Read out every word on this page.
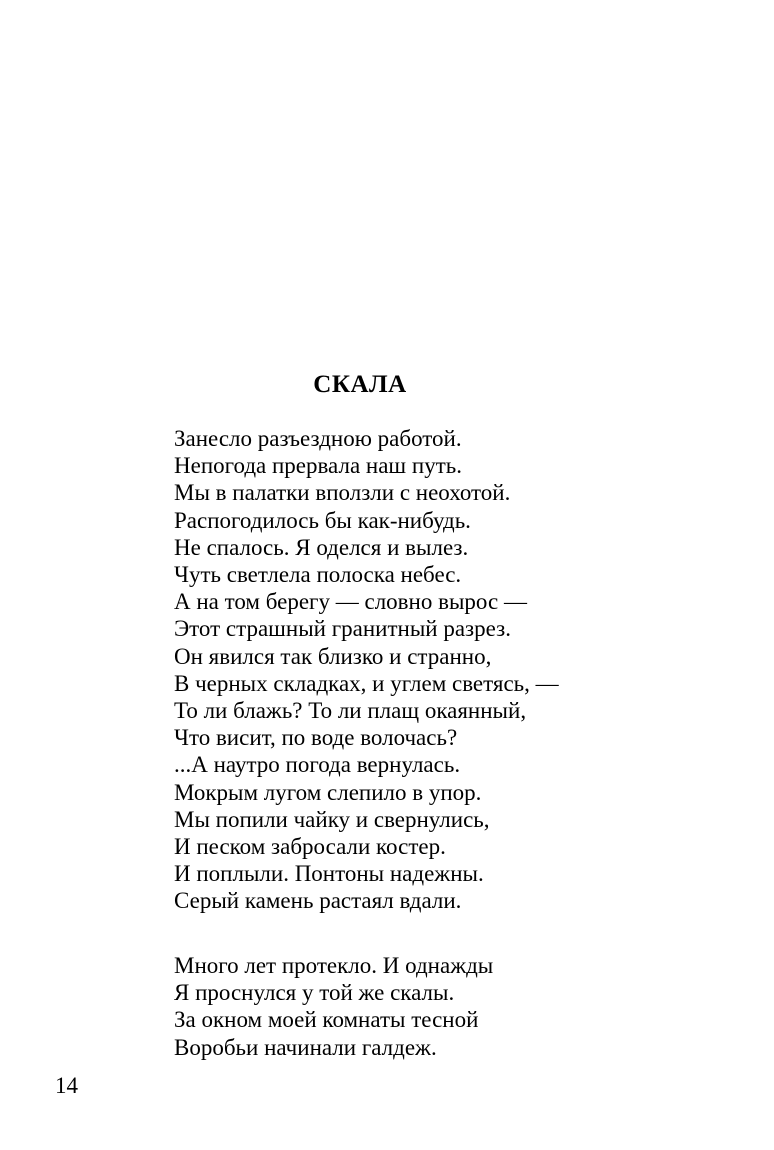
СКАЛА
Занесло разъездною работой.
Непогода прервала наш путь.
Мы в палатки вползли с неохотой.
Распогодилось бы как-нибудь.
Не спалось. Я оделся и вылез.
Чуть светлела полоска небес.
А на том берегу — словно вырос —
Этот страшный гранитный разрез.
Он явился так близко и странно,
В черных складках, и углем светясь, —
То ли блажь? То ли плащ окаянный,
Что висит, по воде волочась?
...А наутро погода вернулась.
Мокрым лугом слепило в упор.
Мы попили чайку и свернулись,
И песком забросали костер.
И поплыли. Понтоны надежны.
Серый камень растаял вдали.
Много лет протекло. И однажды
Я проснулся у той же скалы.
За окном моей комнаты тесной
Воробьи начинали галдеж.
14
